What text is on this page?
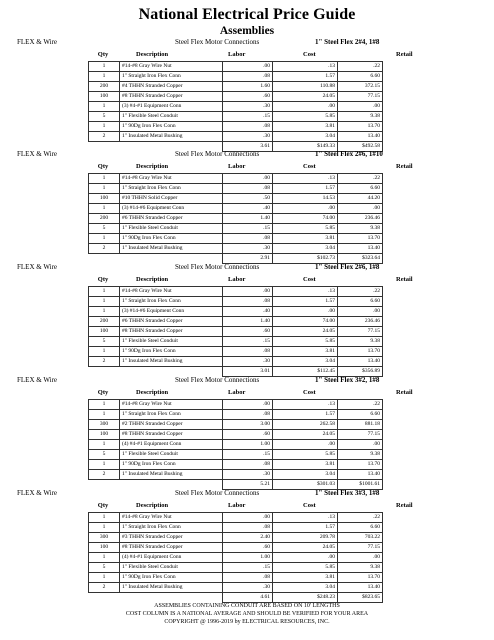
National Electrical Price Guide
Assemblies
FLEX & Wire	Steel Flex Motor Connections	1" Steel Flex 2#4, 1#8
Qty	Description	Labor	Cost	Retail
1	#14-#8 Gray Wire Nut	.00	.13	.22
1	1" Straight Iron Flex Conn	.08	1.57	6.60
200	#4 THHN Stranded Copper	1.60	110.88	372.15
100	#8 THHN Stranded Copper	.60	24.05	77.15
1	(3) #4-#1 Equipment Conn	.30	.00	.00
5	1" Flexible Steel Conduit	.15	5.85	9.38
1	1" 90Dg Iron Flex Conn	.08	3.81	13.70
2	1" Insulated Metal Bushing	.30	3.04	13.40
		3.61	$149.33	$492.58
FLEX & Wire	Steel Flex Motor Connections	1" Steel Flex 2#6, 1#10
Qty	Description	Labor	Cost	Retail
1	#14-#8 Gray Wire Nut	.00	.13	.22
1	1" Straight Iron Flex Conn	.08	1.57	6.60
100	#10 THHN Solid Copper	.50	14.53	44.20
1	(3) #14-#6 Equipment Conn	.40	.00	.00
200	#6 THHN Stranded Copper	1.40	74.00	236.46
5	1" Flexible Steel Conduit	.15	5.85	9.38
1	1" 90Dg Iron Flex Conn	.08	3.81	13.70
2	1" Insulated Metal Bushing	.30	3.04	13.40
		2.91	$102.73	$323.64
FLEX & Wire	Steel Flex Motor Connections	1" Steel Flex 2#6, 1#8
Qty	Description	Labor	Cost	Retail
1	#14-#8 Gray Wire Nut	.00	.13	.22
1	1" Straight Iron Flex Conn	.08	1.57	6.60
1	(3) #14-#6 Equipment Conn	.40	.00	.00
200	#6 THHN Stranded Copper	1.40	74.00	236.46
100	#8 THHN Stranded Copper	.60	24.05	77.15
5	1" Flexible Steel Conduit	.15	5.85	9.38
1	1" 90Dg Iron Flex Conn	.08	3.81	13.70
2	1" Insulated Metal Bushing	.30	3.04	13.40
		3.01	$112.45	$356.89
FLEX & Wire	Steel Flex Motor Connections	1" Steel Flex 3#2, 1#8
Qty	Description	Labor	Cost	Retail
1	#14-#8 Gray Wire Nut	.00	.13	.22
1	1" Straight Iron Flex Conn	.08	1.57	6.60
300	#2 THHN Stranded Copper	3.00	262.58	881.18
100	#8 THHN Stranded Copper	.60	24.05	77.15
1	(4) #4-#1 Equipment Conn	1.00	.00	.00
5	1" Flexible Steel Conduit	.15	5.85	9.38
1	1" 90Dg Iron Flex Conn	.08	3.81	13.70
2	1" Insulated Metal Bushing	.30	3.04	13.40
		5.21	$301.03	$1001.61
FLEX & Wire	Steel Flex Motor Connections	1" Steel Flex 3#3, 1#8
Qty	Description	Labor	Cost	Retail
1	#14-#8 Gray Wire Nut	.00	.13	.22
1	1" Straight Iron Flex Conn	.08	1.57	6.60
300	#3 THHN Stranded Copper	2.40	209.78	703.22
100	#8 THHN Stranded Copper	.60	24.05	77.15
1	(4) #4-#1 Equipment Conn	1.00	.00	.00
5	1" Flexible Steel Conduit	.15	5.85	9.38
1	1" 90Dg Iron Flex Conn	.08	3.81	13.70
2	1" Insulated Metal Bushing	.30	3.04	13.40
		4.61	$248.23	$823.65
ASSEMBLIES CONTAINING CONDUIT ARE BASED ON 10' LENGTHS
COST COLUMN IS A NATIONAL AVERAGE AND SHOULD BE VERIFIED FOR YOUR AREA
COPYRIGHT @ 1996-2019 by ELECTRICAL RESOURCES, INC.
